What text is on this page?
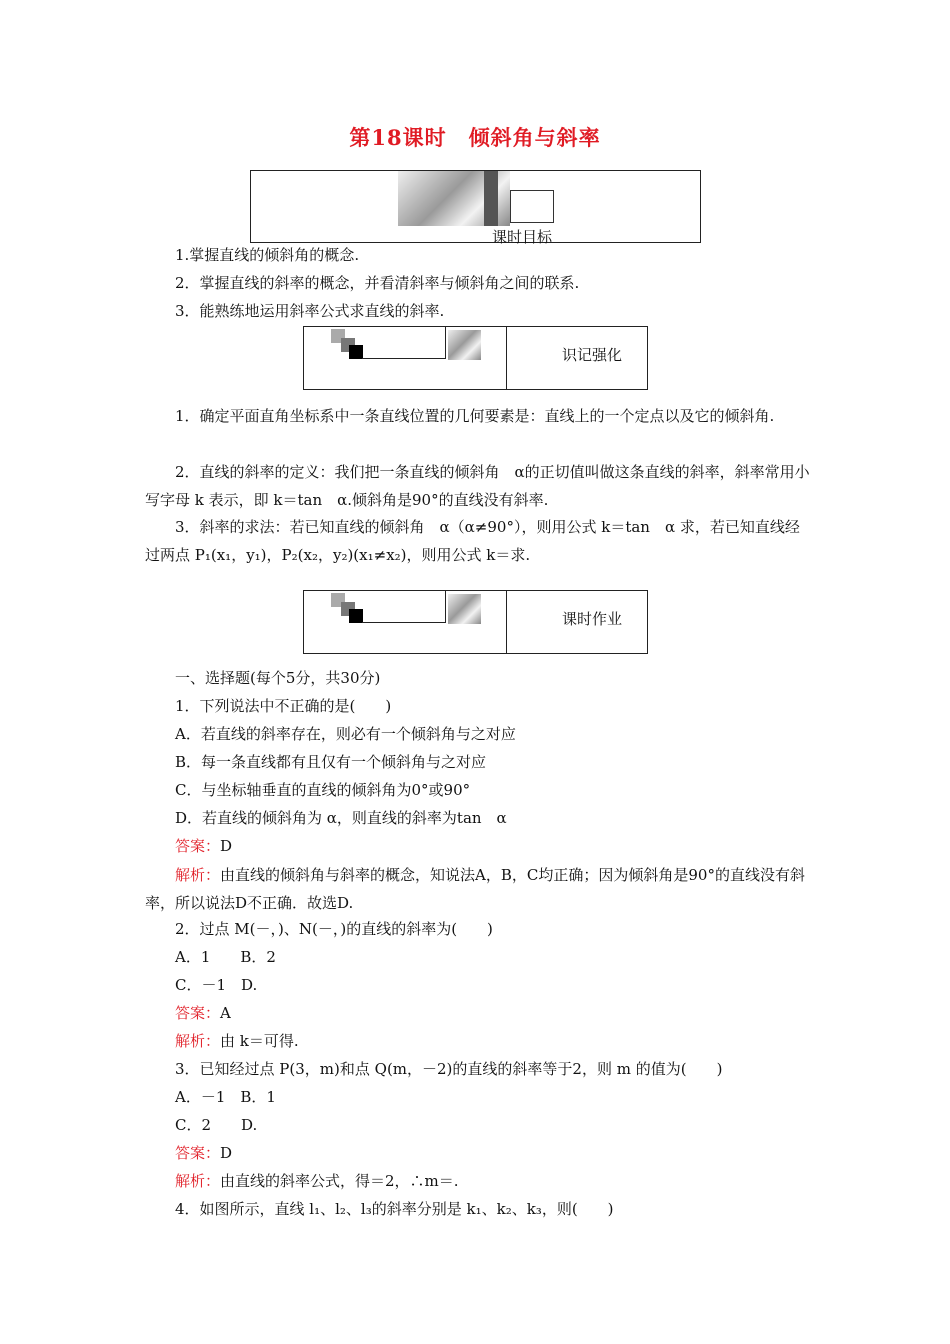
第18课时　倾斜角与斜率
课时目标
1.掌握直线的倾斜角的概念.
2．掌握直线的斜率的概念，并看清斜率与倾斜角之间的联系.
3．能熟练地运用斜率公式求直线的斜率.
识记强化
1．确定平面直角坐标系中一条直线位置的几何要素是：直线上的一个定点以及它的倾斜角.
2．直线的斜率的定义：我们把一条直线的倾斜角　α的正切值叫做这条直线的斜率，斜率常用小写字母 k 表示，即 k＝tan　α.倾斜角是90°的直线没有斜率.
3．斜率的求法：若已知直线的倾斜角　α（α≠90°），则用公式 k＝tan　α 求，若已知直线经过两点 P₁(x₁，y₁)，P₂(x₂，y₂)(x₁≠x₂)，则用公式 k＝求.
课时作业
一、选择题(每个5分，共30分)
1．下列说法中不正确的是(　　)
A．若直线的斜率存在，则必有一个倾斜角与之对应
B．每一条直线都有且仅有一个倾斜角与之对应
C．与坐标轴垂直的直线的倾斜角为0°或90°
D．若直线的倾斜角为 α，则直线的斜率为tan　α
答案：D
解析：由直线的倾斜角与斜率的概念，知说法A，B，C均正确；因为倾斜角是90°的直线没有斜率，所以说法D不正确．故选D.
2．过点 M(－，)、N(－，)的直线的斜率为(　　)
A．1　　B．2
C．－1　D.
答案：A
解析：由 k＝可得.
3．已知经过点 P(3，m)和点 Q(m，－2)的直线的斜率等于2，则 m 的值为(　　)
A．－1　B．1
C．2　　D.
答案：D
解析：由直线的斜率公式，得＝2，∴m＝.
4．如图所示，直线 l₁、l₂、l₃的斜率分别是 k₁、k₂、k₃，则(　　)
